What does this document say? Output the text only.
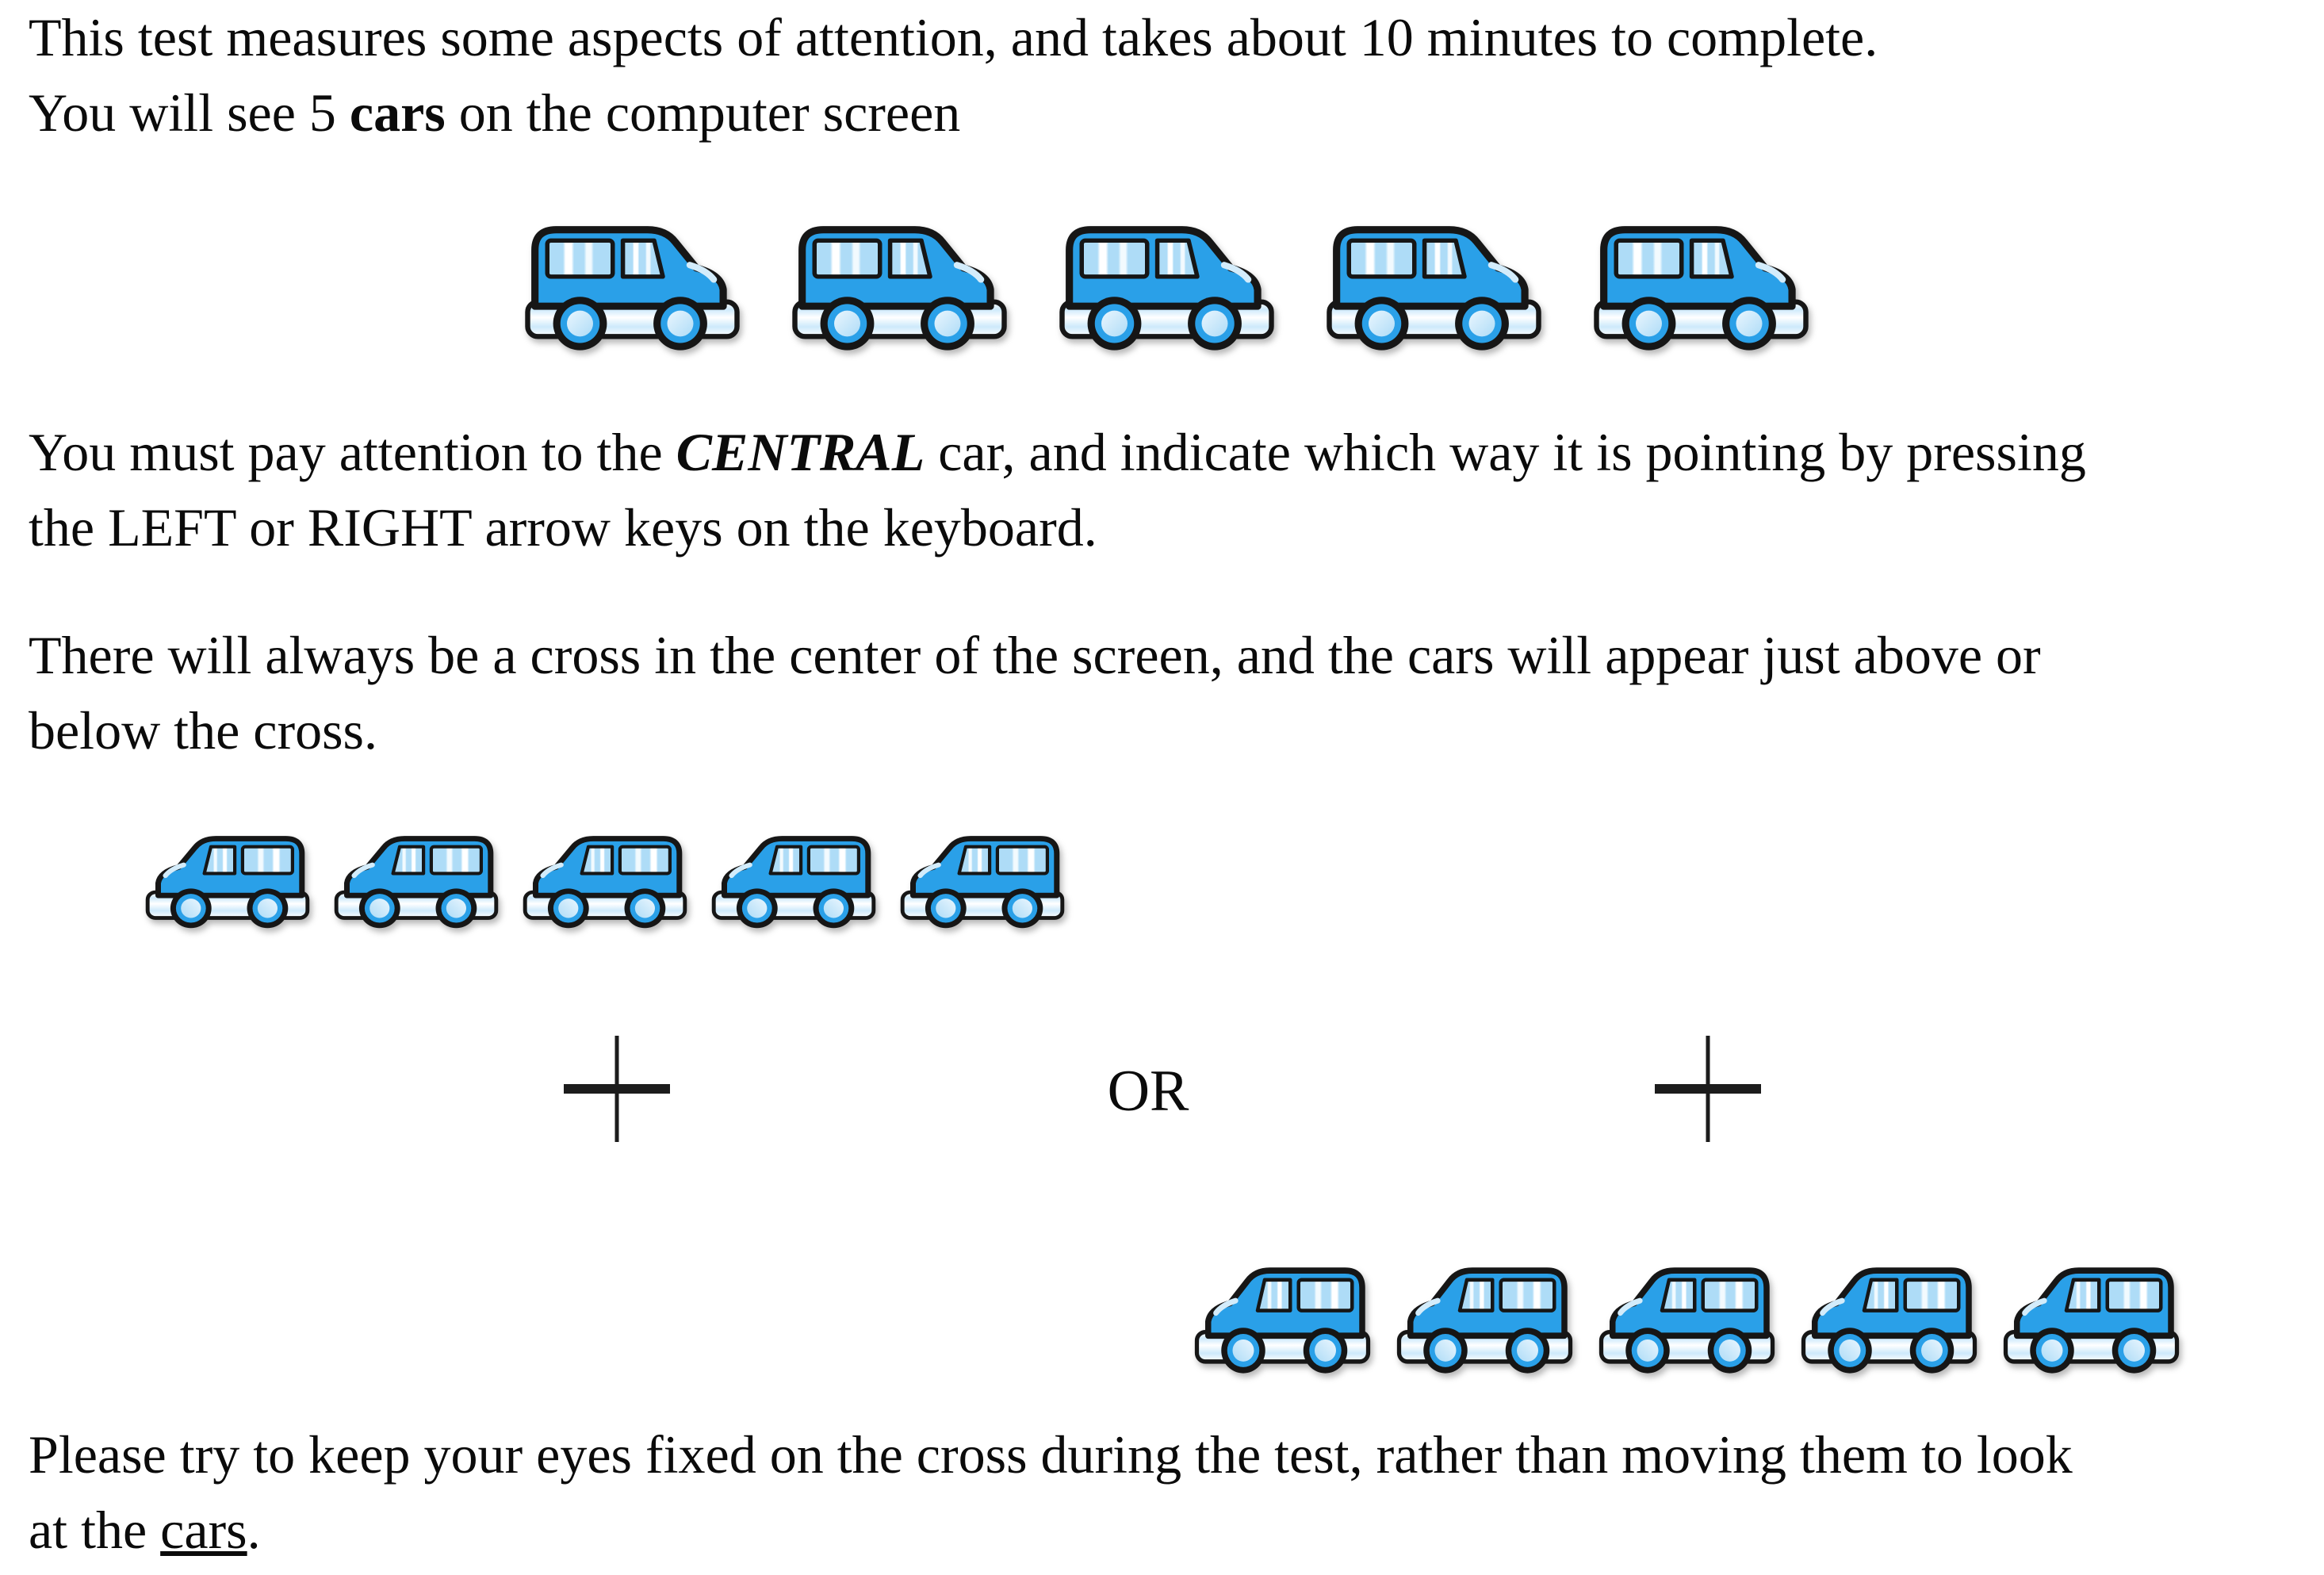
This test measures some aspects of attention, and takes about 10 minutes to complete.
You will see 5 cars on the computer screen

You must pay attention to the CENTRAL car, and indicate which way it is pointing by pressing
the LEFT or RIGHT arrow keys on the keyboard.

There will always be a cross in the center of the screen, and the cars will appear just above or
below the cross.

OR

Please try to keep your eyes fixed on the cross during the test, rather than moving them to look
at the cars.
